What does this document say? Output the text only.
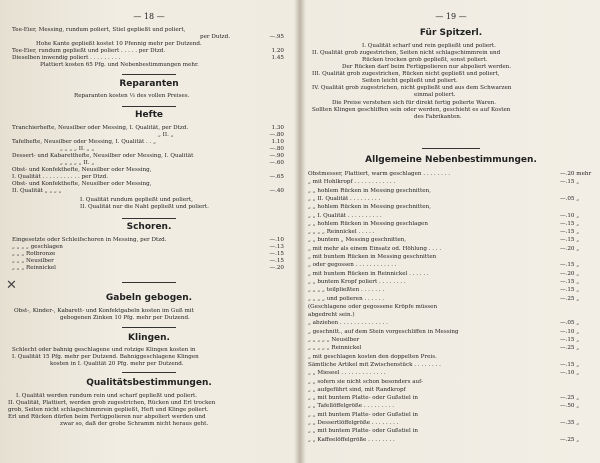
— 18 —
Tee-Eier, Messing, rundum poliert, Stiel gepließt und poliert,
per Dutzd.
Hohe Kante gepließt kostet 10 Pfennig mehr per Dutzend.
Tee-Eier, rundum gepließt und poliert . . . . . per Dtzd.
Dieselben inwendig poliert . . . . . . . . .
Plattiert kosten 65 Pfg. und Nebenbestimmungen mehr.
—.95
1.20
1.45
Reparanten
Reparanten kosten ⅓ des vollen Preises.
Hefte
Tranchierhefte, Neusilber oder Messing, I. Qualität, per Dtzd.
„ II. „
Tafelhefte, Neusilber oder Messing, I. Qualität . . „
„ „ „ „ II. „ „
Dessert- und Kabaretthefte, Neusilber oder Messing, I. Qualität
„ „ „ „ „ II. „
Obst- und Konfekthefte, Neusilber oder Messing,
I. Qualität . . . . . . . . . . . per Dtzd.
Obst- und Konfekthefte, Neusilber oder Messing,
II. Qualität „ „ „ „
I. Qualität rundum gepließt und poliert,
II. Qualität nur die Naht gepließt und poliert.
1.30
—.80
1.10
—.80
—.90
—.60
—.65
—.40
Schoren.
Eingesetzte oder Schleifschoren in Messing, per Dtzd.
„ „ „ „ geschlagen
„ „ „ Rotbronze
„ „ „ Neusilber
„ „ „ Reinnickel
—.10
—.13
—.15
—.15
—.20
✕
Gabeln gebogen.
Obst-, Kinder-, Kabarett- und Konfektgabeln kosten im Guß mit
gebogenen Zinken 10 Pfg. mehr per Dutzend.
Klingen.
Schlecht oder bahnig geschlagene und rotzige Klingen kosten in
I. Qualität 15 Pfg. mehr per Dutzend. Bahniggeschlagene Klingen
kosten in I. Qualität 20 Pfg. mehr per Dutzend.
Qualitätsbestimmungen.
I. Qualität werden rundum rein und scharf gepließt und poliert.
II. Qualität, Plattiert, werden grob zugestrichen, Rücken und Erl trocken
grob, Seiten nicht schlagschimmrein gepließt, Heft und Klinge poliert.
Erl und Rücken dürfen beim Fertigpolieren nur abpoliert werden und
zwar so, daß der grobe Schramm nicht heraus geht.
— 19 —
Für Spitzerl.
I. Qualität scharf und rein gepließt und poliert.
II. Qualität grob zugestrichen, Seiten nicht schlagschimmrein und
Rücken trocken grob gepließt, sonst poliert.
Der Rücken darf beim Fertigpolieren nur abpoliert werden.
III. Qualität grob zugestrichen, Rücken nicht gepließt und poliert,
Seiten leicht gepließt und poliert.
IV. Qualität grob zugestrichen, nicht gepließt und aus dem Schwarzen
einmal poliert.
Die Preise verstehen sich für direkt fertig polierte Waren.
Sollten Klingen geschliffen sein oder werden, geschieht es auf Kosten
des Fabrikanten.
Allgemeine Nebenbestimmungen.
Obstmesser, Plattiert, warm geschlagen . . . . . . . .
„ mit Hohlkropf . . . . . . . . . . . .
„ „ hohlem Rücken in Messing geschnitten,
„ „ II. Qualität . . . . . . . . .
„ „ hohlem Rücken in Messing geschnitten,
„ „ I. Qualität . . . . . . . . . .
„ „ hohlem Rücken in Messing geschlagen
„ „ „ „ Reinnickel . . . . .
„ „ buntem „ Messing geschnitten,
„ mit mehr als einem Einsatz od. Höhlung . . . .
„ mit buntem Rücken in Messing geschnitten
„ oder gegossen . . . . . . . . . . . .
„ mit buntem Rücken in Reinnickel . . . . . .
„ „ buntem Kropf poliert . . . . . . . .
„ „ „ „ teilpließten . . . . . . .
„ „ „ „ und polieren . . . . . .
(Geschlagene oder gegossene Kröpfe müssen
abgedreht sein.)
„ abziehen . . . . . . . . . . . . . .
„ geschnitt., auf dem Stein vorgeschliffen in Messing
„ „ „ „ „ Neusilber
„ „ „ „ „ Reinnickel
„ mit geschlagen kosten den doppelten Preis.
Sämtliche Artikel mit Zwischenstück . . . . . . . .
„ „ Mieseel . . . . . . . . . . . . .
„ „ sofern sie nicht schon besonders auf-
„ „ aufgeführt sind, mit Randkropf
„ „ mit buntem Platte- oder Gußstiel in
„ „ Tafellöffelgröße . . . . . . . . .
„ „ mit buntem Platte- oder Gußstiel in
„ „ Dessertlöffelgröße . . . . . . . .
„ „ mit buntem Platte- oder Gußstiel in
„ „ Kaffeelöffelgröße . . . . . . . .
—.20 mehr
—.15 „
—.05 „
—.10 „
—.15 „
—.15 „
—.15 „
—.20 „
—.15 „
—.20 „
—.15 „
—.15 „
—.25 „
—.05 „
—.10 „
—.15 „
—.25 „
—.15 „
—.10 „
—.25 „
—.50 „
—.35 „
—.25 „
